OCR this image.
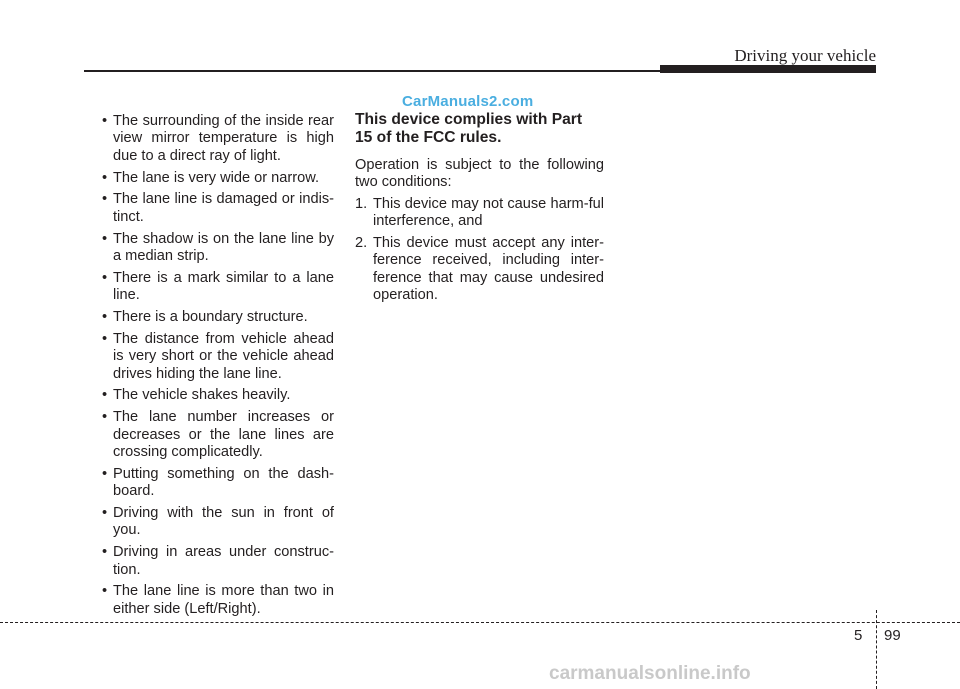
Driving your vehicle
CarManuals2.com
• The surrounding of the inside rear view mirror temperature is high due to a direct ray of light.
• The lane is very wide or narrow.
• The lane line is damaged or indis-tinct.
• The shadow is on the lane line by a median strip.
• There is a mark similar to a lane line.
• There is a boundary structure.
• The distance from vehicle ahead is very short or the vehicle ahead drives hiding the lane line.
• The vehicle shakes heavily.
• The lane number increases or decreases or the lane lines are crossing complicatedly.
• Putting something on the dash-board.
• Driving with the sun in front of you.
• Driving in areas under construc-tion.
• The lane line is more than two in either side (Left/Right).
This device complies with Part 15 of the FCC rules.

Operation is subject to the following two conditions:

1. This device may not cause harm-ful interference, and
2. This device must accept any inter-ference received, including inter-ference that may cause undesired operation.
5 99
carmanualsonline.info
